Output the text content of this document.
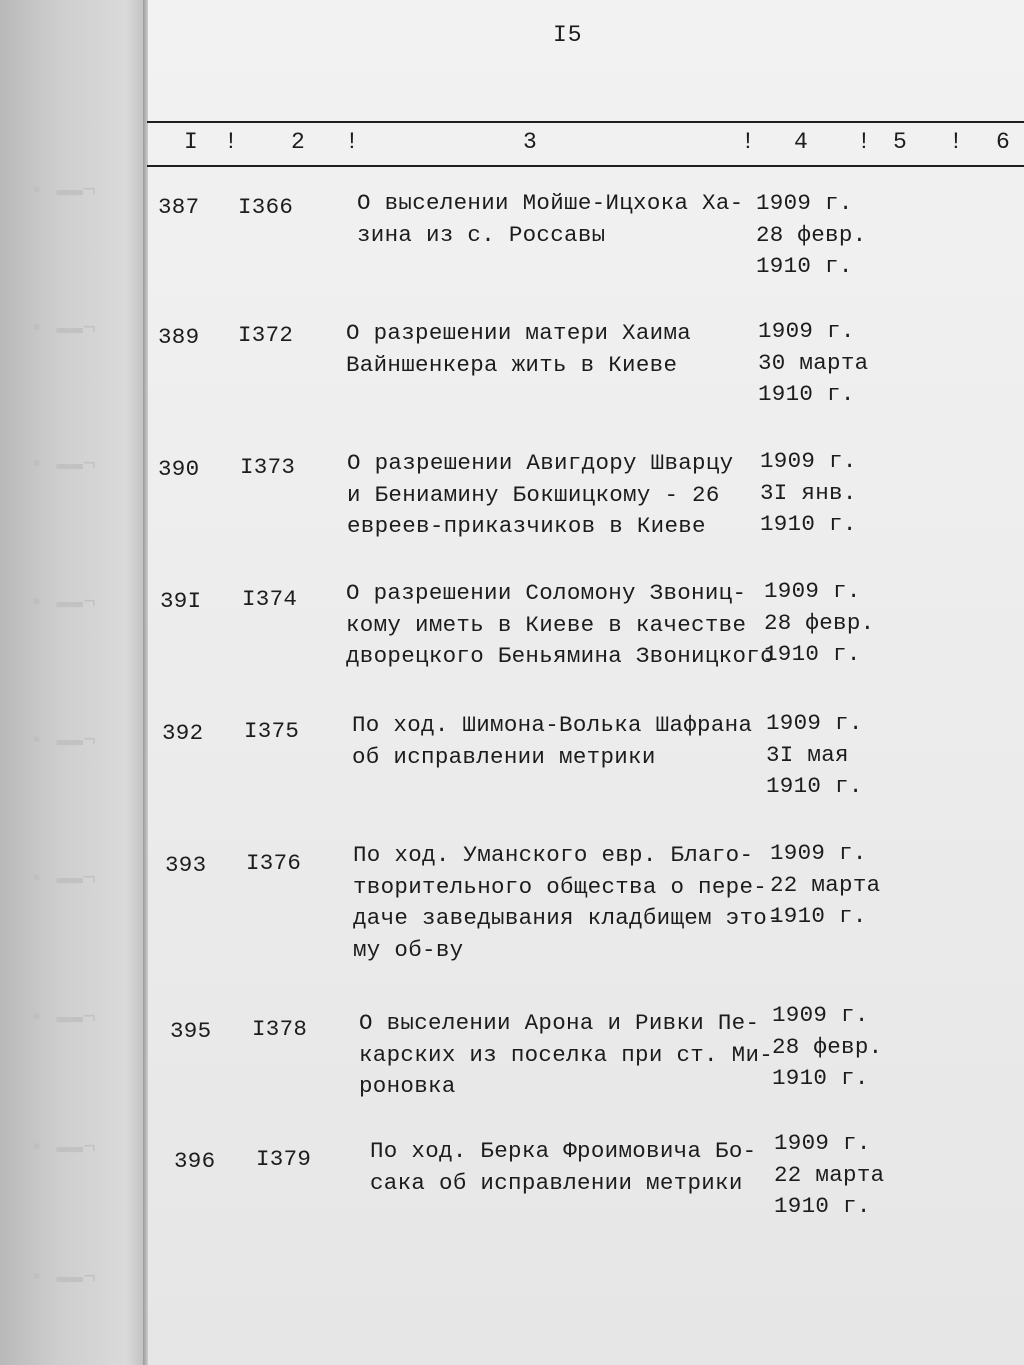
⌐▬▬ ▪
⌐▬▬ ▪
⌐▬▬ ▪
⌐▬▬ ▪
⌐▬▬ ▪
⌐▬▬ ▪
⌐▬▬ ▪
⌐▬▬ ▪
⌐▬▬ ▪
I5
I ! 2 !	3	! 4 ! 5 ! 6
387 I366	О выселении Мойше-Ицхока Ха-
зина из с. Россавы
1909 г.
28 февр.
1910 г.
389 I372 О разрешении матери Хаима
Вайншенкера жить в Киеве
1909 г.
30 марта
1910 г.
390 I373 О разрешении Авигдору Шварцу
и Бениамину Бокшицкому - 26
евреев-приказчиков в Киеве
1909 г.
3I янв.
1910 г.
39I I374 О разрешении Соломону Звониц-
кому иметь в Киеве в качестве
дворецкого Беньямина Звоницкого
1909 г.
28 февр.
1910 г.
392 I375 По ход. Шимона-Волька Шафрана
об исправлении метрики
1909 г.
3I мая
1910 г.
393 I376 По ход. Уманского евр. Благо-
творительного общества о пере-
даче заведывания кладбищем это-
му об-ву
1909 г.
22 марта
1910 г.
395 I378 О выселении Арона и Ривки Пе-
карских из поселка при ст. Ми-
роновка
1909 г.
28 февр.
1910 г.
396 I379	По ход. Берка Фроимовича Бо-
сака об исправлении метрики
1909 г.
22 марта
1910 г.
